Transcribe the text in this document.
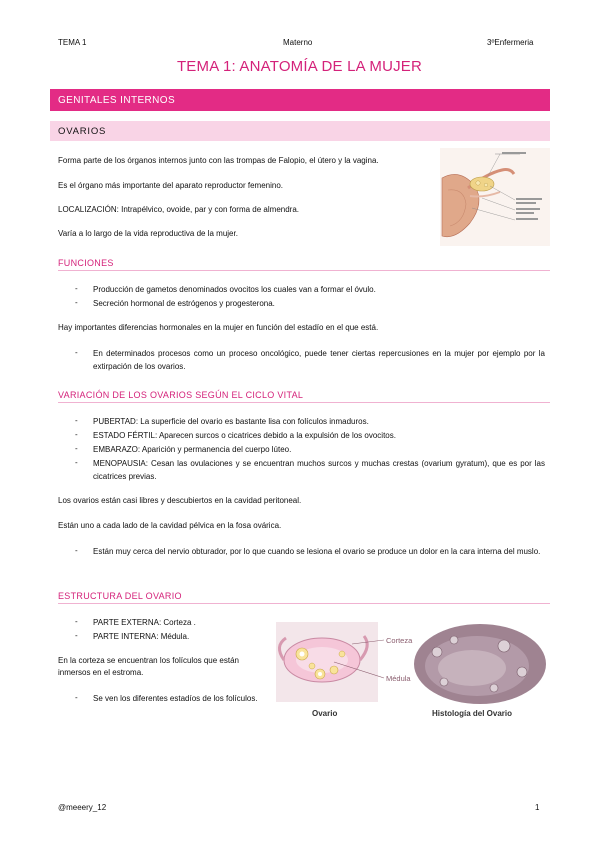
TEMA 1	Materno	3ºEnfermeria
TEMA 1: ANATOMÍA DE LA MUJER
GENITALES INTERNOS
OVARIOS
Forma parte de los órganos internos junto con las trompas de Falopio, el útero y la vagina.
Es el órgano más importante del aparato reproductor femenino.
LOCALIZACIÓN: Intrapélvico, ovoide, par y con forma de almendra.
Varía a lo largo de la vida reproductiva de la mujer.
FUNCIONES
- Producción de gametos denominados ovocitos los cuales van a formar el óvulo.
- Secreción hormonal de estrógenos y progesterona.
Hay importantes diferencias hormonales en la mujer en función del estadío en el que está.
- En determinados procesos como un proceso oncológico, puede tener ciertas repercusiones en la mujer por ejemplo por la extirpación de los ovarios.
VARIACIÓN DE LOS OVARIOS SEGÚN EL CICLO VITAL
- PUBERTAD: La superficie del ovario es bastante lisa con folículos inmaduros.
- ESTADO FÉRTIL: Aparecen surcos o cicatrices debido a la expulsión de los ovocitos.
- EMBARAZO: Aparición y permanencia del cuerpo lúteo.
- MENOPAUSIA: Cesan las ovulaciones y se encuentran muchos surcos y muchas crestas (ovarium gyratum), que es por las cicatrices previas.
Los ovarios están casi libres y descubiertos en la cavidad peritoneal.
Están uno a cada lado de la cavidad pélvica en la fosa ovárica.
- Están muy cerca del nervio obturador, por lo que cuando se lesiona el ovario se produce un dolor en la cara interna del muslo.
ESTRUCTURA DEL OVARIO
- PARTE EXTERNA: Corteza .
- PARTE INTERNA: Médula.
En la corteza se encuentran los folículos que están inmersos en el estroma.
- Se ven los diferentes estadíos de los folículos.
Corteza
Médula
Ovario	Histología del Ovario
@meeery_12	1
